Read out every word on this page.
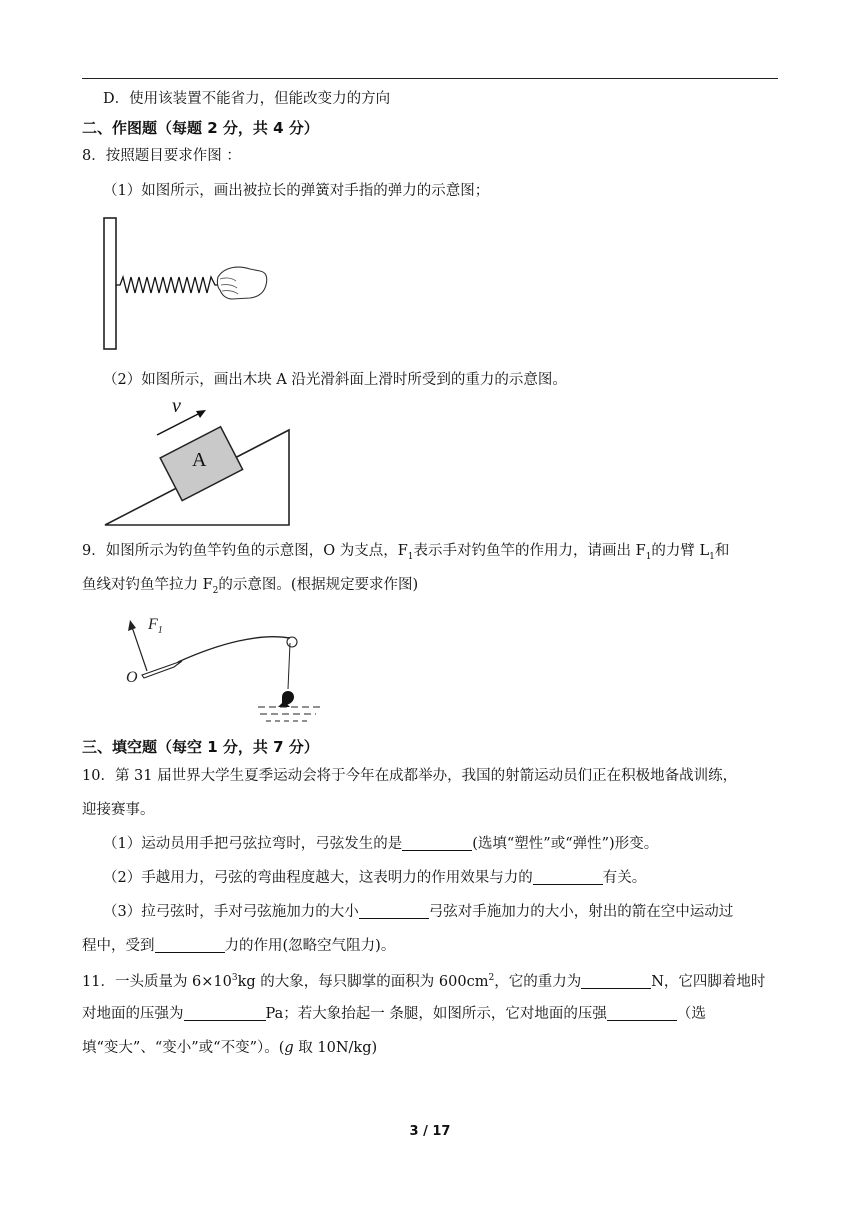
D．使用该装置不能省力，但能改变力的方向
二、作图题（每题 2 分，共 4 分）
8．按照题目要求作图 ：
（1）如图所示，画出被拉长的弹簧对手指的弹力的示意图；
（2）如图所示，画出木块 A 沿光滑斜面上滑时所受到的重力的示意图。
A
v
9．如图所示为钓鱼竿钓鱼的示意图，O 为支点，$F_1$表示手对钓鱼竿的作用力，请画出 $F_1$的力臂 $L_1$和
鱼线对钓鱼竿拉力 $F_2$的示意图。(根据规定要求作图)
$F_1$
O
三、填空题（每空 1 分，共 7 分）
10．第 31 届世界大学生夏季运动会将于今年在成都举办，我国的射箭运动员们正在积极地备战训练，
迎接赛事。
（1）运动员用手把弓弦拉弯时，弓弦发生的是	(选填“塑性”或“弹性”)形变。
（2）手越用力，弓弦的弯曲程度越大，这表明力的作用效果与力的	有关。
（3）拉弓弦时，手对弓弦施加力的大小	弓弦对手施加力的大小，射出的箭在空中运动过
程中，受到	力的作用(忽略空气阻力)。
11．一头质量为 $6\times 10^3kg$ 的大象，每只脚掌的面积为 $600cm^2$，它的重力为	N，它四脚着地时
对地面的压强为	Pa；若大象抬起一 条腿，如图所示，它对地面的压强	（选
填“变大”、“变小”或“不变”）。(g 取 10N/kg)
3 / 17
